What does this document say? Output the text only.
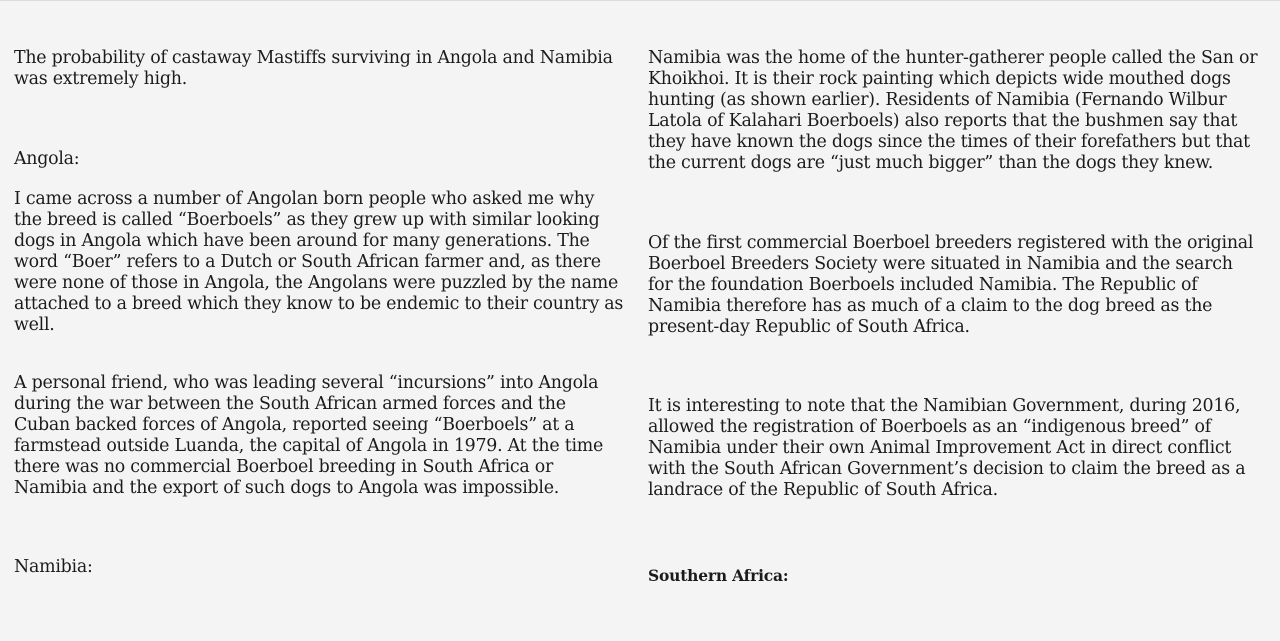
The probability of castaway Mastiffs surviving in Angola and Namibia was extremely high.

Angola:

I came across a number of Angolan born people who asked me why the breed is called “Boerboels” as they grew up with similar looking dogs in Angola which have been around for many generations. The word “Boer” refers to a Dutch or South African farmer and, as there were none of those in Angola, the Angolans were puzzled by the name attached to a breed which they know to be endemic to their country as well.

A personal friend, who was leading several “incursions” into Angola during the war between the South African armed forces and the Cuban backed forces of Angola, reported seeing “Boerboels” at a farmstead outside Luanda, the capital of Angola in 1979. At the time there was no commercial Boerboel breeding in South Africa or Namibia and the export of such dogs to Angola was impossible.

Namibia:

Namibia was the home of the hunter-gatherer people called the San or Khoikhoi. It is their rock painting which depicts wide mouthed dogs hunting (as shown earlier). Residents of Namibia (Fernando Wilbur Latola of Kalahari Boerboels) also reports that the bushmen say that they have known the dogs since the times of their forefathers but that the current dogs are “just much bigger” than the dogs they knew.

Of the first commercial Boerboel breeders registered with the original Boerboel Breeders Society were situated in Namibia and the search for the foundation Boerboels included Namibia. The Republic of Namibia therefore has as much of a claim to the dog breed as the present-day Republic of South Africa.

It is interesting to note that the Namibian Government, during 2016, allowed the registration of Boerboels as an “indigenous breed” of Namibia under their own Animal Improvement Act in direct conflict with the South African Government’s decision to claim the breed as a landrace of the Republic of South Africa.

Southern Africa:
